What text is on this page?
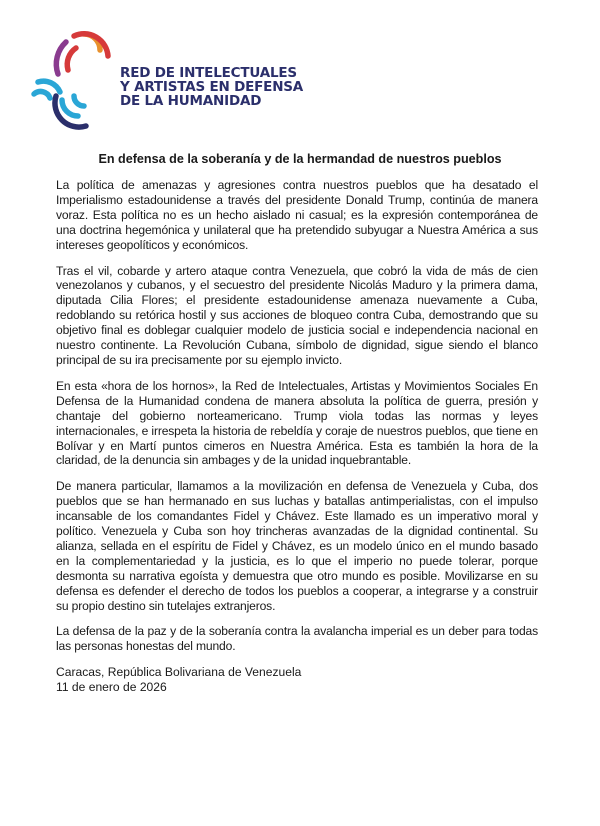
RED DE INTELECTUALES
Y ARTISTAS EN DEFENSA
DE LA HUMANIDAD
En defensa de la soberanía y de la hermandad de nuestros pueblos

La política de amenazas y agresiones contra nuestros pueblos que ha desatado el Imperialismo estadounidense a través del presidente Donald Trump, continúa de manera voraz. Esta política no es un hecho aislado ni casual; es la expresión contemporánea de una doctrina hegemónica y unilateral que ha pretendido subyugar a Nuestra América a sus intereses geopolíticos y económicos.

Tras el vil, cobarde y artero ataque contra Venezuela, que cobró la vida de más de cien venezolanos y cubanos, y el secuestro del presidente Nicolás Maduro y la primera dama, diputada Cilia Flores; el presidente estadounidense amenaza nuevamente a Cuba, redoblando su retórica hostil y sus acciones de bloqueo contra Cuba, demostrando que su objetivo final es doblegar cualquier modelo de justicia social e independencia nacional en nuestro continente. La Revolución Cubana, símbolo de dignidad, sigue siendo el blanco principal de su ira precisamente por su ejemplo invicto.

En esta «hora de los hornos», la Red de Intelectuales, Artistas y Movimientos Sociales En Defensa de la Humanidad condena de manera absoluta la política de guerra, presión y chantaje del gobierno norteamericano. Trump viola todas las normas y leyes internacionales, e irrespeta la historia de rebeldía y coraje de nuestros pueblos, que tiene en Bolívar y en Martí puntos cimeros en Nuestra América. Esta es también la hora de la claridad, de la denuncia sin ambages y de la unidad inquebrantable.

De manera particular, llamamos a la movilización en defensa de Venezuela y Cuba, dos pueblos que se han hermanado en sus luchas y batallas antimperialistas, con el impulso incansable de los comandantes Fidel y Chávez. Este llamado es un imperativo moral y político. Venezuela y Cuba son hoy trincheras avanzadas de la dignidad continental. Su alianza, sellada en el espíritu de Fidel y Chávez, es un modelo único en el mundo basado en la complementariedad y la justicia, es lo que el imperio no puede tolerar, porque desmonta su narrativa egoísta y demuestra que otro mundo es posible. Movilizarse en su defensa es defender el derecho de todos los pueblos a cooperar, a integrarse y a construir su propio destino sin tutelajes extranjeros.

La defensa de la paz y de la soberanía contra la avalancha imperial es un deber para todas las personas honestas del mundo.

Caracas, República Bolivariana de Venezuela
11 de enero de 2026
